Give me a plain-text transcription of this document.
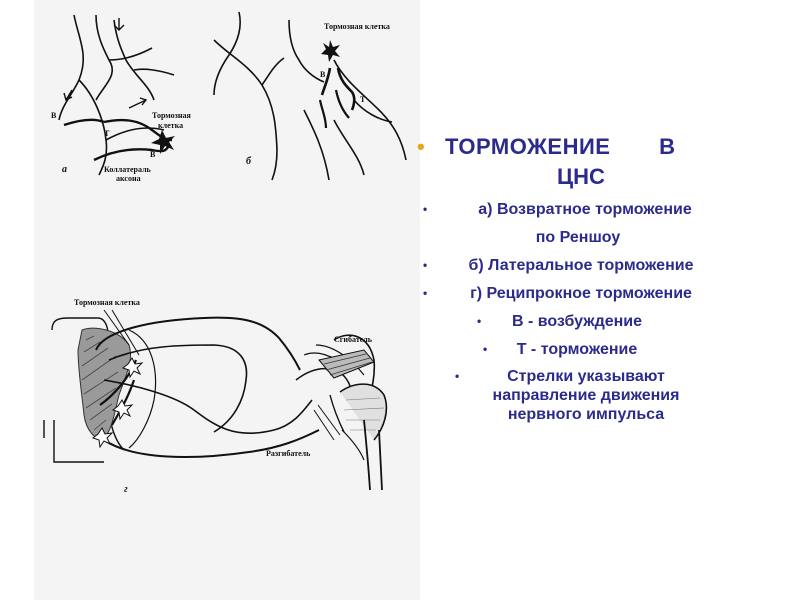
В
Т
В
Тормозная
клетка
Коллатераль
аксона
а
Тормозная клетка
В
Т
б
Тормозная клетка
Сгибатель
Разгибатель
г
• ТОРМОЖЕНИЕ В
ЦНС
•	а) Возвратное торможение
по Реншоу
•	б) Латеральное торможение
•	г) Реципрокное торможение
• В - возбуждение
• Т - торможение
•	Стрелки указывают направление движения нервного импульса
